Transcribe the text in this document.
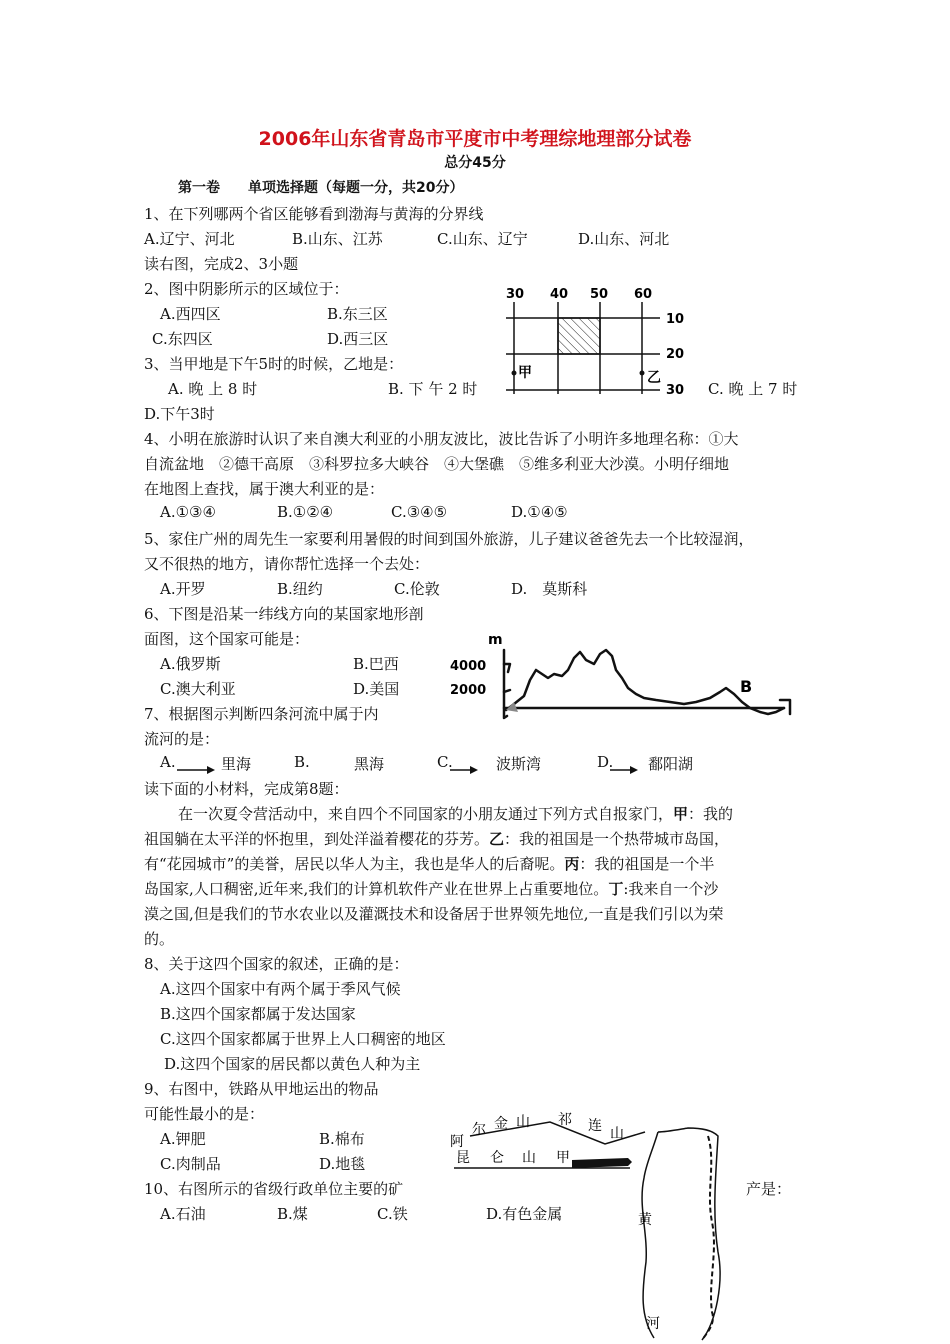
2006年山东省青岛市平度市中考理综地理部分试卷
总分45分
第一卷　　单项选择题（每题一分，共20分）
1、在下列哪两个省区能够看到渤海与黄海的分界线
A.辽宁、河北	B.山东、江苏	C.山东、辽宁	D.山东、河北
读右图，完成2、3小题
2、图中阴影所示的区域位于：
A.西四区	B.东三区
C.东四区	D.西三区
3、当甲地是下午5时的时候，乙地是：
A. 晚 上 8 时	B. 下 午 2 时	C. 晚 上 7 时
D.下午3时
30 40 50 60
10
20
30
甲	乙
4、小明在旅游时认识了来自澳大利亚的小朋友波比，波比告诉了小明许多地理名称：①大
自流盆地　②德干高原　③科罗拉多大峡谷　④大堡礁　⑤维多利亚大沙漠。小明仔细地
在地图上查找，属于澳大利亚的是：
A.①③④	B.①②④	C.③④⑤	D.①④⑤
5、家住广州的周先生一家要利用暑假的时间到国外旅游，儿子建议爸爸先去一个比较湿润，
又不很热的地方，请你帮忙选择一个去处：
A.开罗	B.纽约	C.伦敦	D.　莫斯科
6、下图是沿某一纬线方向的某国家地形剖
面图，这个国家可能是：
A.俄罗斯	B.巴西
C.澳大利亚	D.美国
m
4000
2000	B
7、根据图示判断四条河流中属于内
流河的是：
A.	里海	B.	黑海	C.	波斯湾	D. 鄱阳湖
读下面的小材料，完成第8题：
在一次夏令营活动中，来自四个不同国家的小朋友通过下列方式自报家门，甲：我的
祖国躺在太平洋的怀抱里，到处洋溢着樱花的芬芳。乙：我的祖国是一个热带城市岛国，
有“花园城市”的美誉，居民以华人为主，我也是华人的后裔呢。丙：我的祖国是一个半
岛国家,人口稠密,近年来,我们的计算机软件产业在世界上占重要地位。丁:我来自一个沙
漠之国,但是我们的节水农业以及灌溉技术和设备居于世界领先地位,一直是我们引以为荣
的。
8、关于这四个国家的叙述，正确的是：
A.这四个国家中有两个属于季风气候
B.这四个国家都属于发达国家
C.这四个国家都属于世界上人口稠密的地区
D.这四个国家的居民都以黄色人种为主
9、右图中，铁路从甲地运出的物品
可能性最小的是：
A.钾肥	B.棉布
C.肉制品	D.地毯
10、右图所示的省级行政单位主要的矿	产是：
A.石油	B.煤	C.铁	D.有色金属
阿
尔 金 山 祁 连 山
昆 仑 山 甲
黄
河
